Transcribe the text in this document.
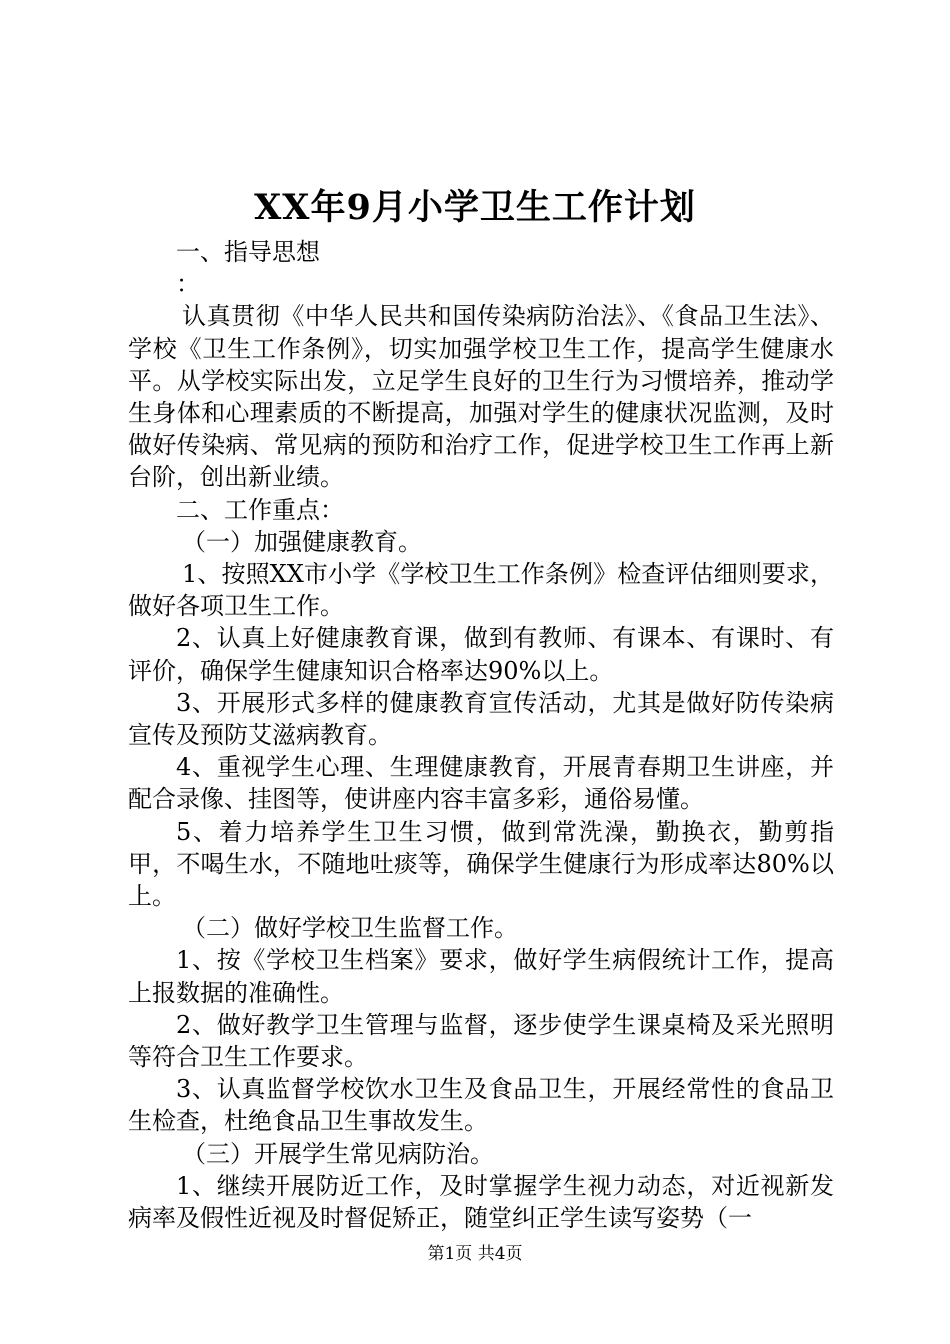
XX年9月小学卫生工作计划

一、指导思想

：

认真贯彻《中华人民共和国传染病防治法》、《食品卫生法》、学校《卫生工作条例》，切实加强学校卫生工作，提高学生健康水平。从学校实际出发，立足学生良好的卫生行为习惯培养，推动学生身体和心理素质的不断提高，加强对学生的健康状况监测，及时做好传染病、常见病的预防和治疗工作，促进学校卫生工作再上新台阶，创出新业绩。

二、工作重点：

（一）加强健康教育。

1、按照XX市小学《学校卫生工作条例》检查评估细则要求，做好各项卫生工作。

2、认真上好健康教育课，做到有教师、有课本、有课时、有评价，确保学生健康知识合格率达90%以上。

3、开展形式多样的健康教育宣传活动，尤其是做好防传染病宣传及预防艾滋病教育。

4、重视学生心理、生理健康教育，开展青春期卫生讲座，并配合录像、挂图等，使讲座内容丰富多彩，通俗易懂。

5、着力培养学生卫生习惯，做到常洗澡，勤换衣，勤剪指甲，不喝生水，不随地吐痰等，确保学生健康行为形成率达80%以上。

（二）做好学校卫生监督工作。

1、按《学校卫生档案》要求，做好学生病假统计工作，提高上报数据的准确性。

2、做好教学卫生管理与监督，逐步使学生课桌椅及采光照明等符合卫生工作要求。

3、认真监督学校饮水卫生及食品卫生，开展经常性的食品卫生检查，杜绝食品卫生事故发生。

（三）开展学生常见病防治。

1、继续开展防近工作，及时掌握学生视力动态，对近视新发病率及假性近视及时督促矫正，随堂纠正学生读写姿势（一

第1页 共4页
